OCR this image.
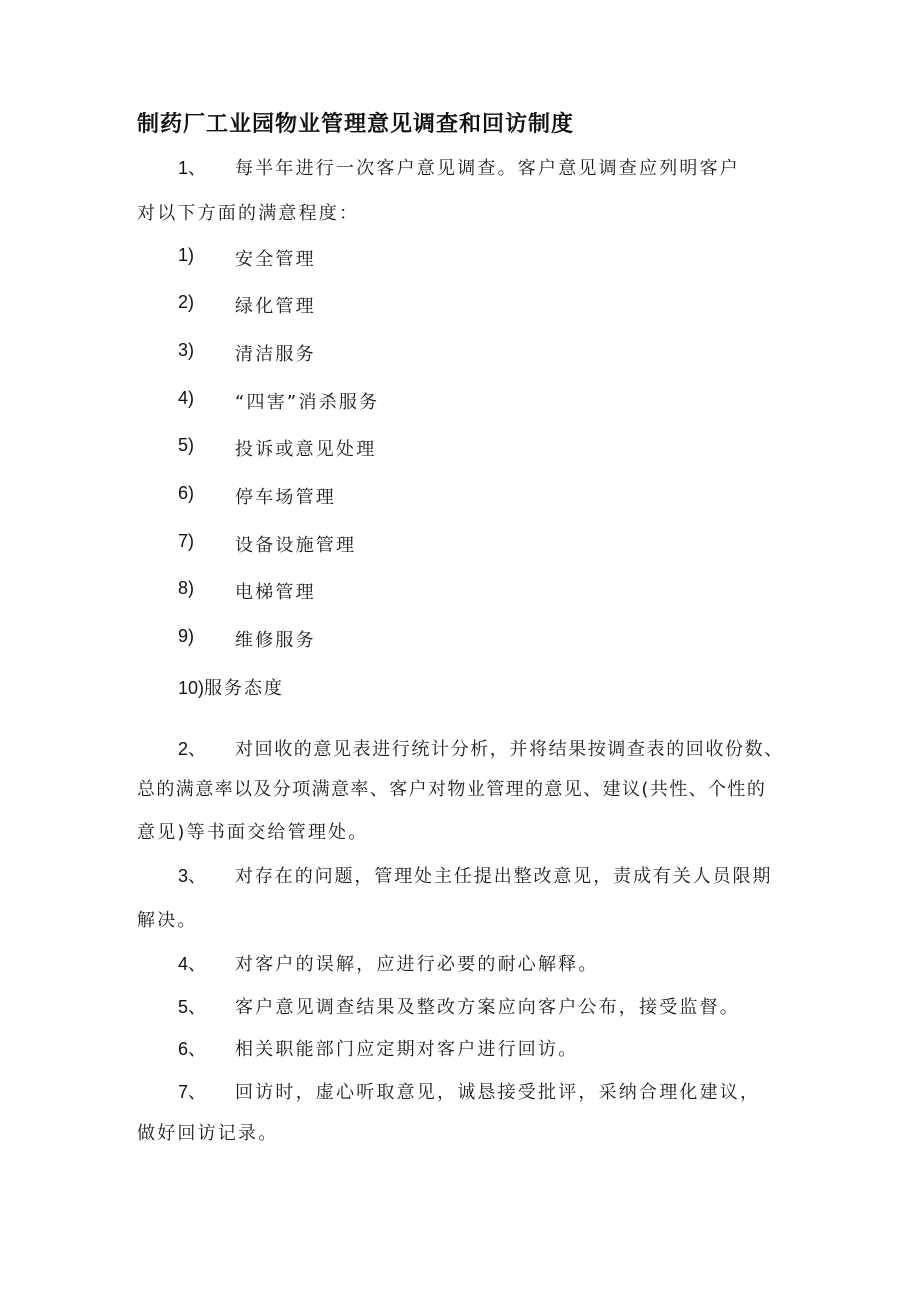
制药厂工业园物业管理意见调查和回访制度
1、 每半年进行一次客户意见调查。客户意见调查应列明客户
对以下方面的满意程度：
1) 安全管理
2) 绿化管理
3) 清洁服务
4) “四害”消杀服务
5) 投诉或意见处理
6) 停车场管理
7) 设备设施管理
8) 电梯管理
9) 维修服务
10)服务态度
2、 对回收的意见表进行统计分析，并将结果按调查表的回收份数、
总的满意率以及分项满意率、客户对物业管理的意见、建议(共性、个性的
意见)等书面交给管理处。
3、 对存在的问题，管理处主任提出整改意见，责成有关人员限期
解决。
4、 对客户的误解，应进行必要的耐心解释。
5、 客户意见调查结果及整改方案应向客户公布，接受监督。
6、 相关职能部门应定期对客户进行回访。
7、 回访时，虚心听取意见，诚恳接受批评，采纳合理化建议，
做好回访记录。
